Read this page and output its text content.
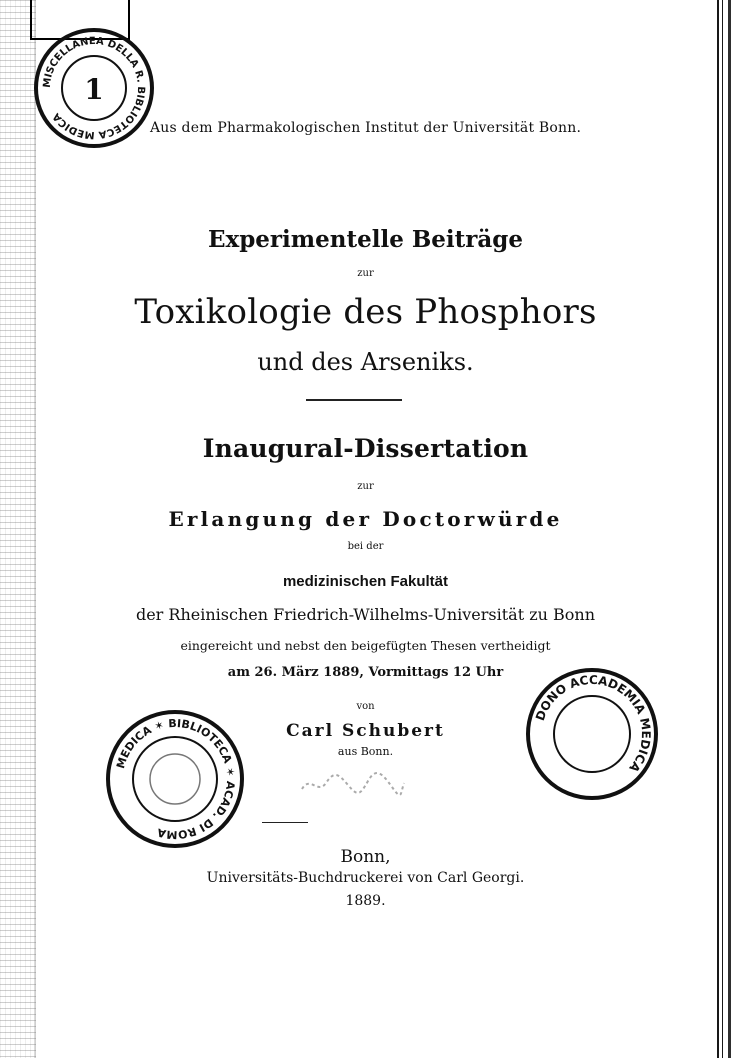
MISCELLANEA DELLA R. BIBLIOTECA MEDICA
1
Aus dem Pharmakologischen Institut der Universität Bonn.
Experimentelle Beiträge
zur
Toxikologie des Phosphors
und des Arseniks.
Inaugural-Dissertation
zur
Erlangung der Doctorwürde
bei der
medizinischen Fakultät
der Rheinischen Friedrich-Wilhelms-Universität zu Bonn
eingereicht und nebst den beigefügten Thesen vertheidigt
am 26. März 1889, Vormittags 12 Uhr
von
Carl Schubert
aus Bonn.
MEDICA ✶ BIBLIOTECA ✶ ACAD. DI ROMA
DONO ACCADEMIA MEDICA
Bonn,
Universitäts-Buchdruckerei von Carl Georgi.
1889.
